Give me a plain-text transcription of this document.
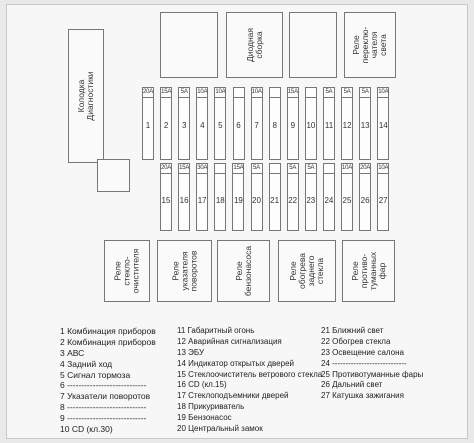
Колодка
Диагностики
Диодная
сборка	Реле
переклю-
чателя
света
20A
1
15A
2
5A
3
10A
4
10A
5	6
10A
7	8
15A
9	10
5A
11
5A
12
5A
13
10A
14
20A
15
15A
16
30A
17 18
15A
19
5A
20 21
5A
22
5A
23 24
10A
25
20A
26
10A
27
Реле
стекло-
очистителя	Реле
указателя
поворотов	Реле
бензонасоса	Реле
обогрева
заднего
стекла	Реле
противо-
туманных
фар
1 Комбинация приборов
2 Комбинация приборов
3 АВС
4 Задний ход
5 Сигнал тормоза
6 ----------------------------
7 Указатели поворотов
8 ----------------------------
9 ----------------------------
10 CD (кл.30)
11 Габаритный огонь
12 Аварийная сигнализация
13 ЭБУ
14 Индикатор открытых дверей
15 Стеклоочиститель ветрового стекла
16 CD (кл.15)
17 Стеклоподъемники дверей
18 Прикуриватель
19 Бензонасос
20 Центральный замок
21 Ближний свет
22 Обогрев стекла
23 Освещение салона
24 ----------------------------
25 Противотуманные фары
26 Дальний свет
27 Катушка зажигания
